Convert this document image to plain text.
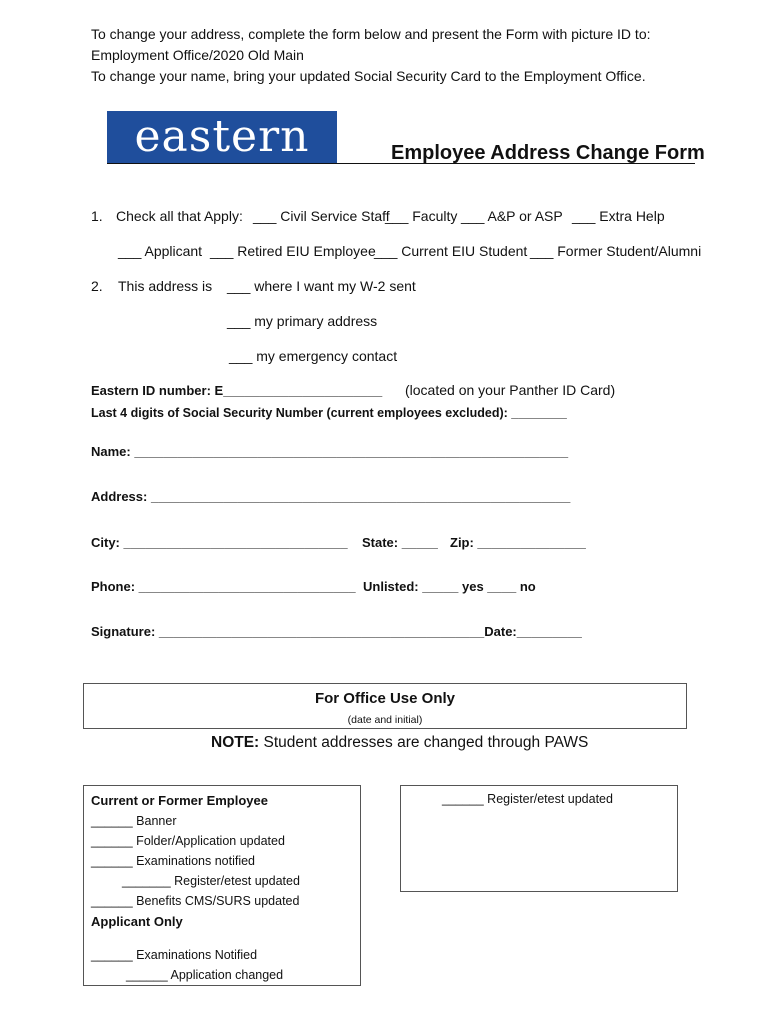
To change your address, complete the form below and present the Form with picture ID to:
Employment Office/2020 Old Main
To change your name, bring your updated Social Security Card to the Employment Office.
eastern	Employee Address Change Form
1. Check all that Apply: ___ Civil Service Staff
___ Faculty ___ A&P or ASP ___ Extra Help
___ Applicant ___ Retired EIU Employee
___ Current EIU Student ___ Former Student/Alumni
2. This address is ___ where I want my W-2 sent
___ my primary address
___ my emergency contact
Eastern ID number: E______________________ (located on your Panther ID Card)
Last 4 digits of Social Security Number (current employees excluded): ________
Name: ____________________________________________________________
Address: __________________________________________________________
City: _______________________________ State: _____ Zip: _______________
Phone: ______________________________ Unlisted: _____ yes ____ no
Signature: _____________________________________________Date:_________
For Office Use Only
(date and initial)
NOTE: Student addresses are changed through PAWS
Current or Former Employee
______ Banner
______ Folder/Application updated
______ Examinations notified
_______ Register/etest updated
______ Benefits CMS/SURS updated
Applicant Only
______ Examinations Notified
______ Application changed
______ Register/etest updated
